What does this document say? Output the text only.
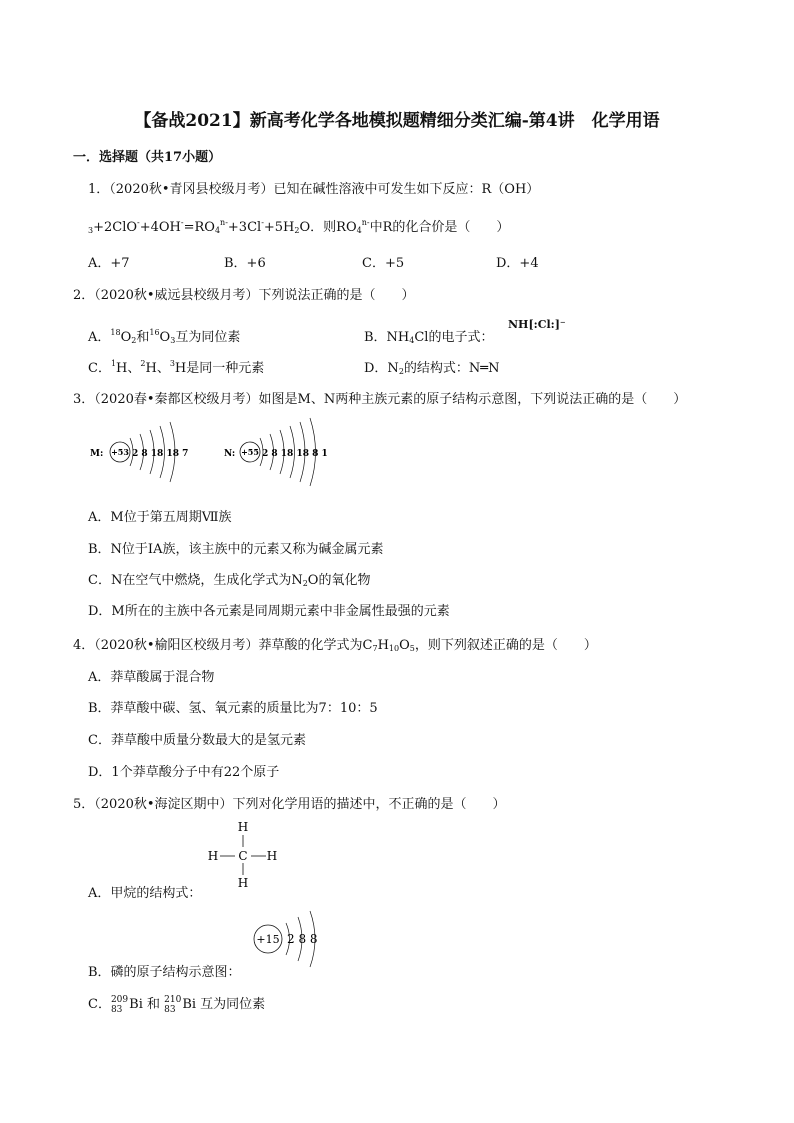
【备战2021】新高考化学各地模拟题精细分类汇编-第4讲　化学用语
一．选择题（共17小题）
1．（2020秋•青冈县校级月考）已知在碱性溶液中可发生如下反应：R（OH）
$_3+2ClO^-+4OH^-=RO_4^{n-}+3Cl^-+5H_2O$．则$RO_4^{n-}$中R的化合价是（　　）
A．+7	B．+6	C．+5	D．+4
2．（2020秋•威远县校级月考）下列说法正确的是（　　）
A．$^{18}O_2$和$^{16}O_3$互为同位素	B．$NH_4Cl$的电子式：
NH[:Cl:]⁻
C．$^1$H、$^2$H、$^3$H是同一种元素	D．$N_2$的结构式：N═N
3．（2020春•秦都区校级月考）如图是M、N两种主族元素的原子结构示意图，下列说法正确的是（　　）
M: +53 2 8 18 18 7	N: +55 2 8 18 18 8 1
A．M位于第五周期Ⅶ族
B．N位于ⅠA族，该主族中的元素又称为碱金属元素
C．N在空气中燃烧，生成化学式为$N_2O$的氧化物
D．M所在的主族中各元素是同周期元素中非金属性最强的元素
4．（2020秋•榆阳区校级月考）莽草酸的化学式为$C_7H_{10}O_5$，则下列叙述正确的是（　　）
A．莽草酸属于混合物
B．莽草酸中碳、氢、氧元素的质量比为7：10：5
C．莽草酸中质量分数最大的是氢元素
D．1个莽草酸分子中有22个原子
5．（2020秋•海淀区期中）下列对化学用语的描述中，不正确的是（　　）
H
C
H
H	H
A．甲烷的结构式：
+15 2 8 8
B．磷的原子结构示意图：
C． 209
83 Bi 和 210
83 Bi 互为同位素
